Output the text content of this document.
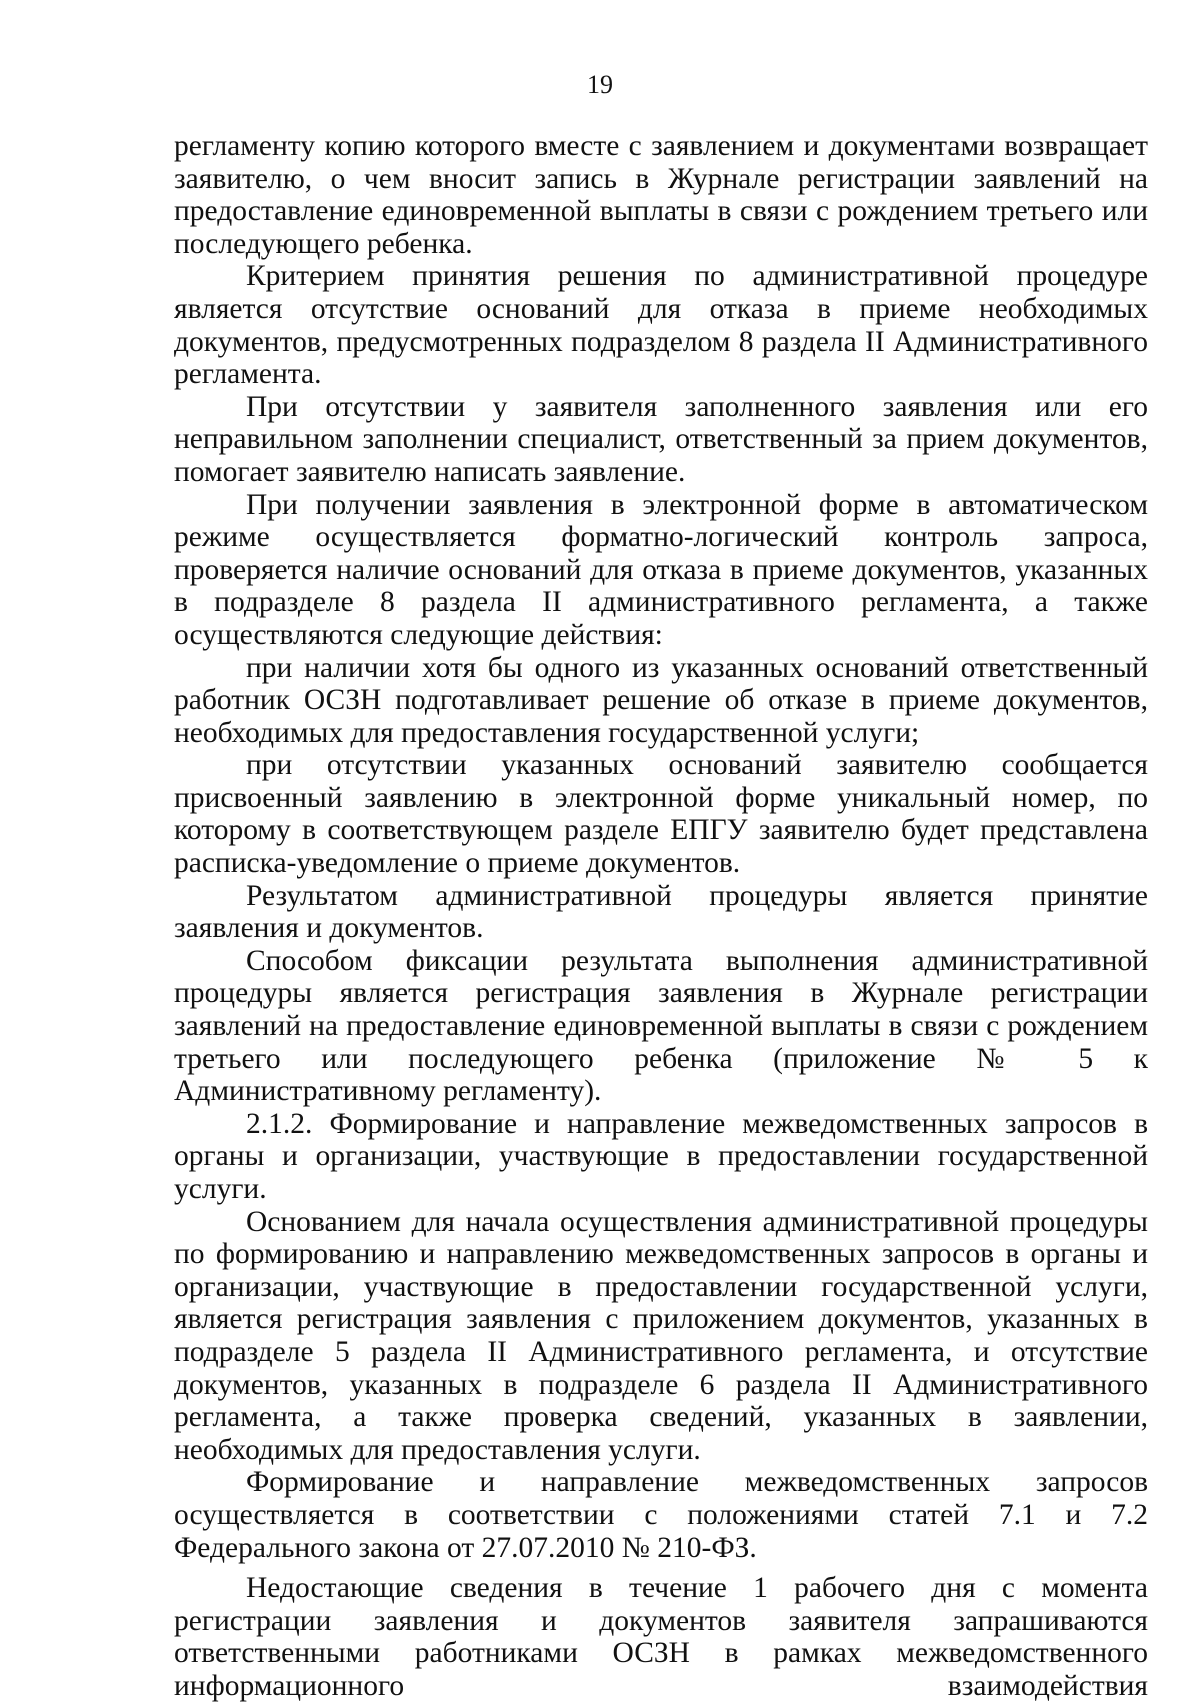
19

регламенту копию которого вместе с заявлением и документами возвращает заявителю, о чем вносит запись в Журнале регистрации заявлений на предоставление единовременной выплаты в связи с рождением третьего или последующего ребенка.

Критерием принятия решения по административной процедуре является отсутствие оснований для отказа в приеме необходимых документов, предусмотренных подразделом 8 раздела II Административного регламента.

При отсутствии у заявителя заполненного заявления или его неправильном заполнении специалист, ответственный за прием документов, помогает заявителю написать заявление.

При получении заявления в электронной форме в автоматическом режиме осуществляется форматно-логический контроль запроса, проверяется наличие оснований для отказа в приеме документов, указанных в подразделе 8 раздела II административного регламента, а также осуществляются следующие действия:

при наличии хотя бы одного из указанных оснований ответственный работник ОСЗН подготавливает решение об отказе в приеме документов, необходимых для предоставления государственной услуги;

при отсутствии указанных оснований заявителю сообщается присвоенный заявлению в электронной форме уникальный номер, по которому в соответствующем разделе ЕПГУ заявителю будет представлена расписка-уведомление о приеме документов.

Результатом административной процедуры является принятие заявления и документов.

Способом фиксации результата выполнения административной процедуры является регистрация заявления в Журнале регистрации заявлений на предоставление единовременной выплаты в связи с рождением третьего или последующего ребенка (приложение № 5 к Административному регламенту).

2.1.2. Формирование и направление межведомственных запросов в органы и организации, участвующие в предоставлении государственной услуги.

Основанием для начала осуществления административной процедуры по формированию и направлению межведомственных запросов в органы и организации, участвующие в предоставлении государственной услуги, является регистрация заявления с приложением документов, указанных в подразделе 5 раздела II Административного регламента, и отсутствие документов, указанных в подразделе 6 раздела II Административного регламента, а также проверка сведений, указанных в заявлении, необходимых для предоставления услуги.

Формирование и направление межведомственных запросов осуществляется в соответствии с положениями статей 7.1 и 7.2 Федерального закона от 27.07.2010 № 210-ФЗ.

Недостающие сведения в течение 1 рабочего дня с момента регистрации заявления и документов заявителя запрашиваются ответственными работниками ОСЗН в рамках межведомственного информационного взаимодействия
